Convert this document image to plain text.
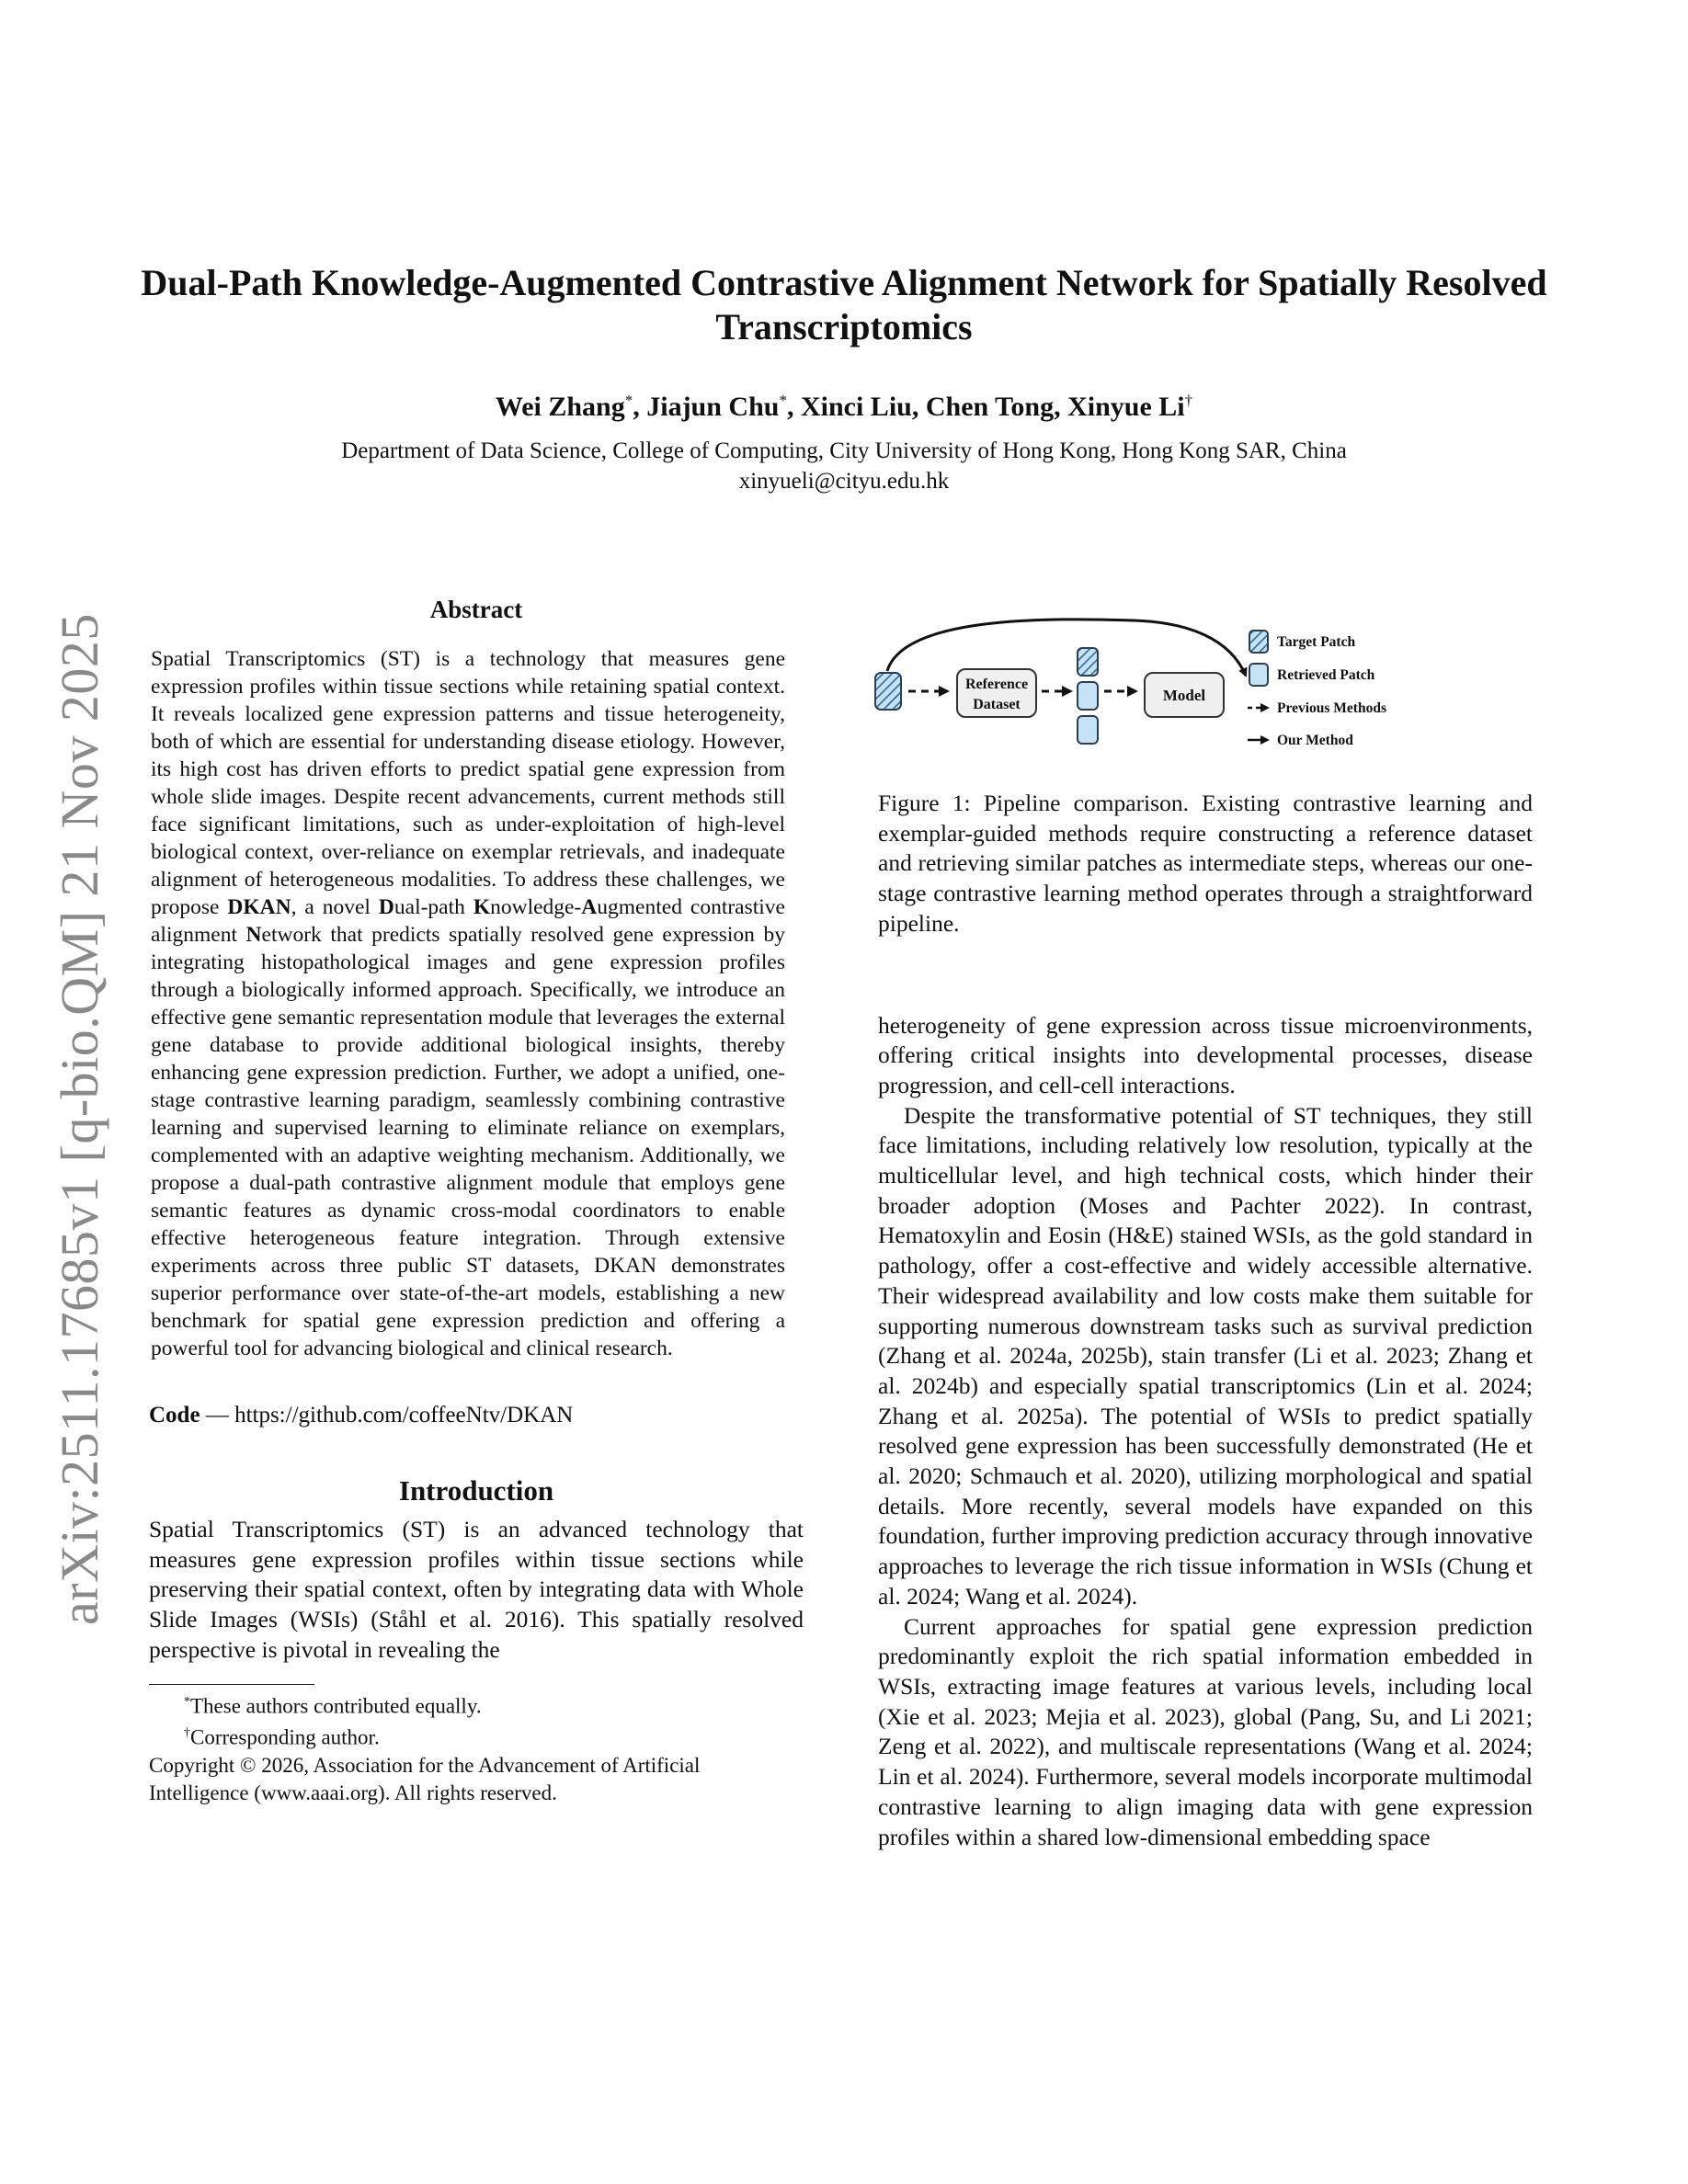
arXiv:2511.17685v1 [q-bio.QM] 21 Nov 2025
Dual-Path Knowledge-Augmented Contrastive Alignment Network for Spatially Resolved Transcriptomics
Wei Zhang*, Jiajun Chu*, Xinci Liu, Chen Tong, Xinyue Li†
Department of Data Science, College of Computing, City University of Hong Kong, Hong Kong SAR, China
xinyueli@cityu.edu.hk
Abstract

Spatial Transcriptomics (ST) is a technology that measures gene expression profiles within tissue sections while retaining spatial context. It reveals localized gene expression patterns and tissue heterogeneity, both of which are essential for understanding disease etiology. However, its high cost has driven efforts to predict spatial gene expression from whole slide images. Despite recent advancements, current methods still face significant limitations, such as under-exploitation of high-level biological context, over-reliance on exemplar retrievals, and inadequate alignment of heterogeneous modalities. To address these challenges, we propose DKAN, a novel Dual-path Knowledge-Augmented contrastive alignment Network that predicts spatially resolved gene expression by integrating histopathological images and gene expression profiles through a biologically informed approach. Specifically, we introduce an effective gene semantic representation module that leverages the external gene database to provide additional biological insights, thereby enhancing gene expression prediction. Further, we adopt a unified, one-stage contrastive learning paradigm, seamlessly combining contrastive learning and supervised learning to eliminate reliance on exemplars, complemented with an adaptive weighting mechanism. Additionally, we propose a dual-path contrastive alignment module that employs gene semantic features as dynamic cross-modal coordinators to enable effective heterogeneous feature integration. Through extensive experiments across three public ST datasets, DKAN demonstrates superior performance over state-of-the-art models, establishing a new benchmark for spatial gene expression prediction and offering a powerful tool for advancing biological and clinical research.

Code — https://github.com/coffeeNtv/DKAN
Introduction

Spatial Transcriptomics (ST) is an advanced technology that measures gene expression profiles within tissue sections while preserving their spatial context, often by integrating data with Whole Slide Images (WSIs) (Ståhl et al. 2016). This spatially resolved perspective is pivotal in revealing the

*These authors contributed equally.

†Corresponding author.

Copyright © 2026, Association for the Advancement of Artificial Intelligence (www.aaai.org). All rights reserved.

Reference
Dataset
Model
Target Patch
Retrieved Patch
Previous Methods
Our Method

Figure 1: Pipeline comparison. Existing contrastive learning and exemplar-guided methods require constructing a reference dataset and retrieving similar patches as intermediate steps, whereas our one-stage contrastive learning method operates through a straightforward pipeline.

heterogeneity of gene expression across tissue microenvironments, offering critical insights into developmental processes, disease progression, and cell-cell interactions.

Despite the transformative potential of ST techniques, they still face limitations, including relatively low resolution, typically at the multicellular level, and high technical costs, which hinder their broader adoption (Moses and Pachter 2022). In contrast, Hematoxylin and Eosin (H&E) stained WSIs, as the gold standard in pathology, offer a cost-effective and widely accessible alternative. Their widespread availability and low costs make them suitable for supporting numerous downstream tasks such as survival prediction (Zhang et al. 2024a, 2025b), stain transfer (Li et al. 2023; Zhang et al. 2024b) and especially spatial transcriptomics (Lin et al. 2024; Zhang et al. 2025a). The potential of WSIs to predict spatially resolved gene expression has been successfully demonstrated (He et al. 2020; Schmauch et al. 2020), utilizing morphological and spatial details. More recently, several models have expanded on this foundation, further improving prediction accuracy through innovative approaches to leverage the rich tissue information in WSIs (Chung et al. 2024; Wang et al. 2024).

Current approaches for spatial gene expression prediction predominantly exploit the rich spatial information embedded in WSIs, extracting image features at various levels, including local (Xie et al. 2023; Mejia et al. 2023), global (Pang, Su, and Li 2021; Zeng et al. 2022), and multiscale representations (Wang et al. 2024; Lin et al. 2024). Furthermore, several models incorporate multimodal contrastive learning to align imaging data with gene expression profiles within a shared low-dimensional embedding space
